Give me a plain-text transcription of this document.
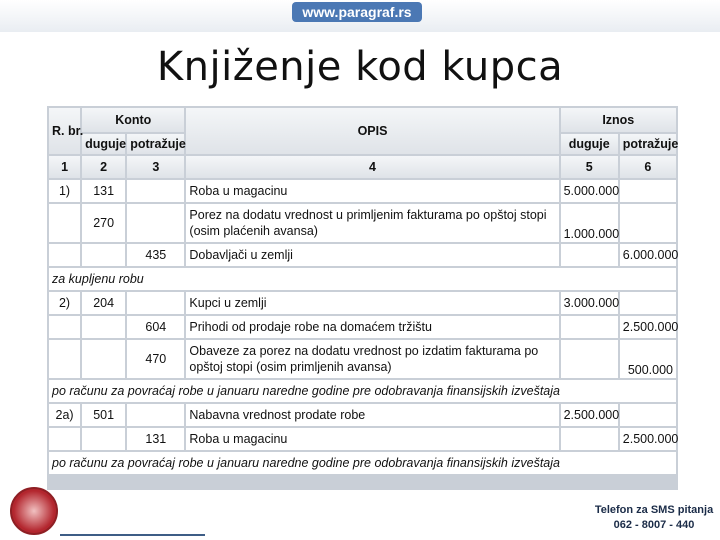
www.paragraf.rs
Knjiženje kod kupca
R. br.	Konto		OPIS	Iznos	
	duguje	potražuje		duguje	potražuje
1	2	3	4	5	6
1)	131		Roba u magacinu	5.000.000	
	270		Porez na dodatu vrednost u primljenim fakturama po opštoj stopi (osim plaćenih avansa)	1.000.000	
		435	Dobavljači u zemlji		6.000.000
za kupljenu robu					
2)	204		Kupci u zemlji	3.000.000	
		604	Prihodi od prodaje robe na domaćem tržištu		2.500.000
		470	Obaveze za porez na dodatu vrednost po izdatim fakturama po opštoj stopi (osim primljenih avansa)		500.000
po računu za povraćaj robe u januaru naredne godine pre odobravanja finansijskih izveštaja					
2a)	501		Nabavna vrednost prodate robe	2.500.000	
		131	Roba u magacinu		2.500.000
po računu za povraćaj robe u januaru naredne godine pre odobravanja finansijskih izveštaja					
Telefon za SMS pitanja
062 - 8007 - 440
